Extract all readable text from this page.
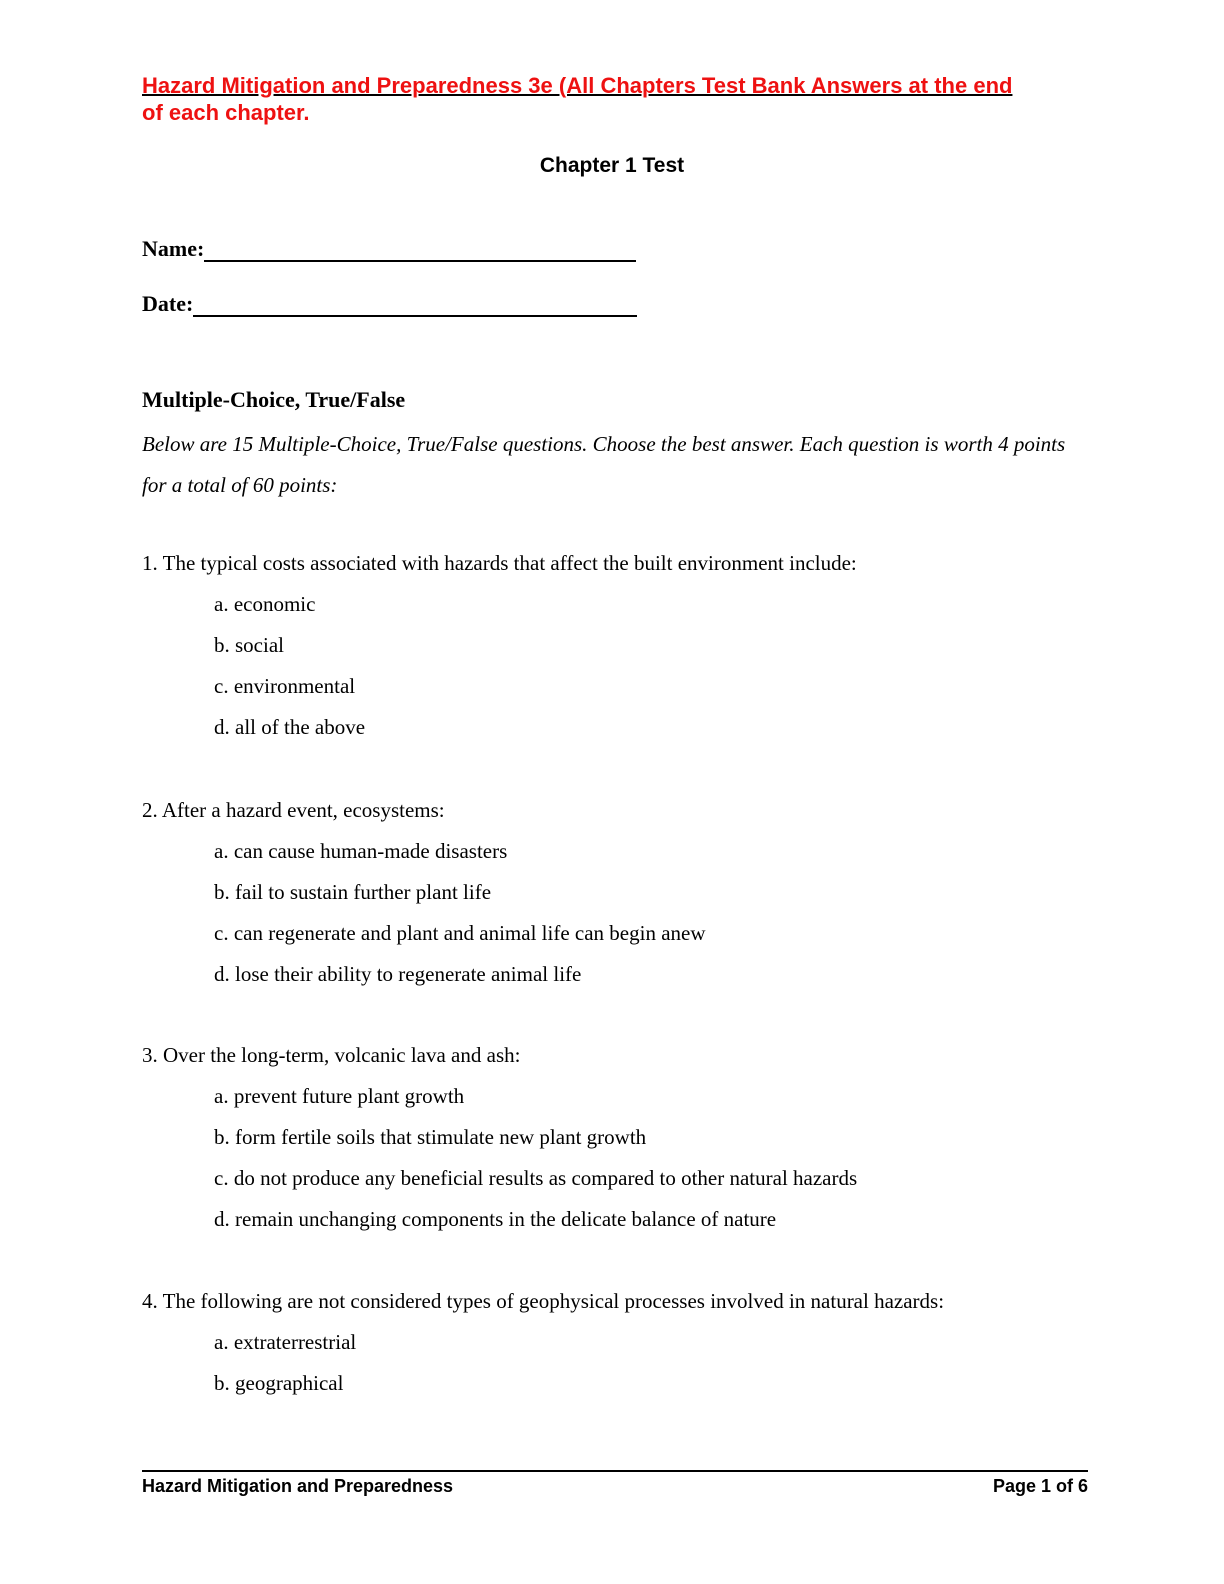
Hazard Mitigation and Preparedness 3e (All Chapters Test Bank Answers at the end
of each chapter.
Chapter 1 Test
Name:
Date:
Multiple-Choice, True/False
Below are 15 Multiple-Choice, True/False questions. Choose the best answer. Each question is worth 4 points for a total of 60 points:
1. The typical costs associated with hazards that affect the built environment include:
a. economic
b. social
c. environmental
d. all of the above
2. After a hazard event, ecosystems:
a. can cause human-made disasters
b. fail to sustain further plant life
c. can regenerate and plant and animal life can begin anew
d. lose their ability to regenerate animal life
3. Over the long-term, volcanic lava and ash:
a. prevent future plant growth
b. form fertile soils that stimulate new plant growth
c. do not produce any beneficial results as compared to other natural hazards
d. remain unchanging components in the delicate balance of nature
4. The following are not considered types of geophysical processes involved in natural hazards:
a. extraterrestrial
b. geographical
Hazard Mitigation and Preparedness	Page 1 of 6
